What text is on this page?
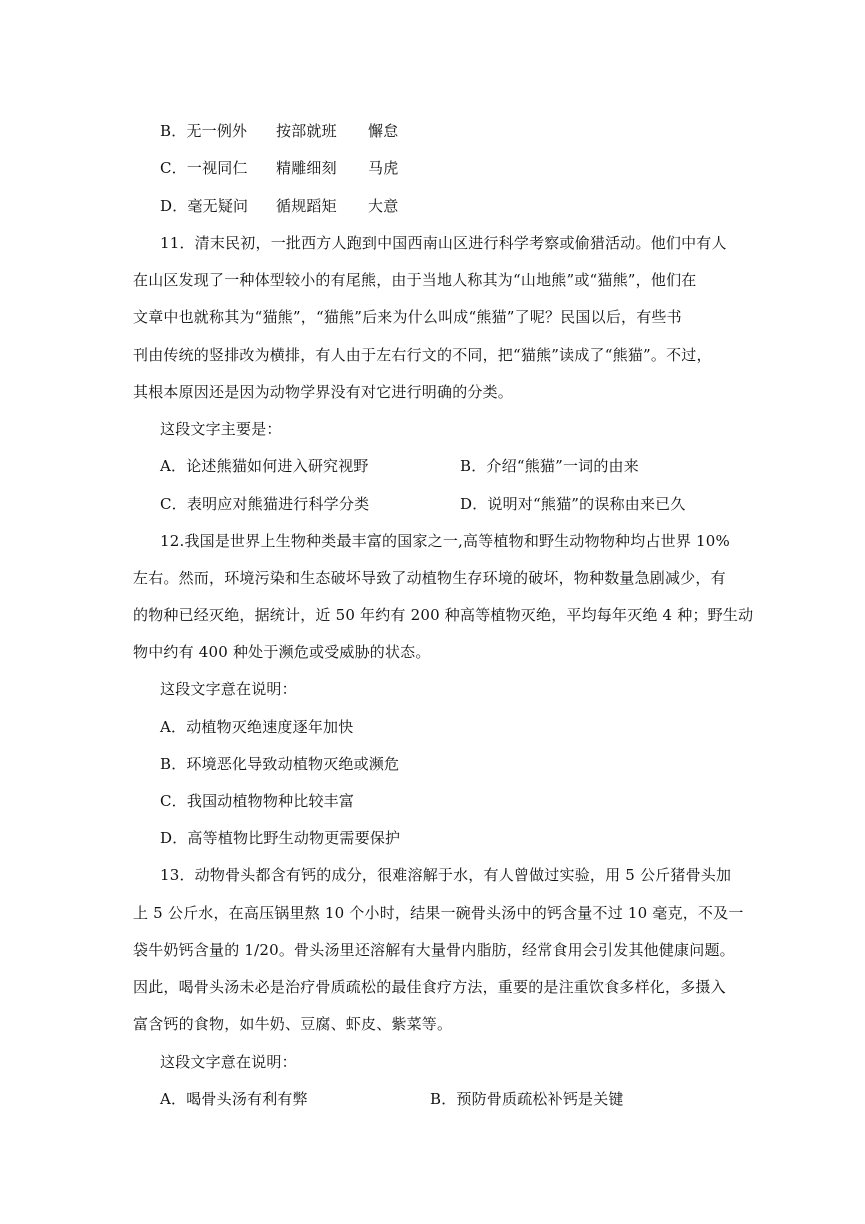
B．无一例外 按部就班 懈怠
C．一视同仁 精雕细刻 马虎
D．毫无疑问 循规蹈矩 大意
11．清末民初，一批西方人跑到中国西南山区进行科学考察或偷猎活动。他们中有人
在山区发现了一种体型较小的有尾熊，由于当地人称其为“山地熊”或“猫熊”，他们在
文章中也就称其为“猫熊”，“猫熊”后来为什么叫成“熊猫”了呢？民国以后，有些书
刊由传统的竖排改为横排，有人由于左右行文的不同，把“猫熊”读成了“熊猫”。不过，
其根本原因还是因为动物学界没有对它进行明确的分类。
这段文字主要是：
A．论述熊猫如何进入研究视野	B．介绍“熊猫”一词的由来
C．表明应对熊猫进行科学分类	D．说明对“熊猫”的误称由来已久
12.我国是世界上生物种类最丰富的国家之一,高等植物和野生动物物种均占世界 10%
左右。然而，环境污染和生态破坏导致了动植物生存环境的破坏，物种数量急剧减少，有
的物种已经灭绝，据统计，近 50 年约有 200 种高等植物灭绝，平均每年灭绝 4 种；野生动
物中约有 400 种处于濒危或受威胁的状态。
这段文字意在说明：
A．动植物灭绝速度逐年加快
B．环境恶化导致动植物灭绝或濒危
C．我国动植物物种比较丰富
D．高等植物比野生动物更需要保护
13．动物骨头都含有钙的成分，很难溶解于水，有人曾做过实验，用 5 公斤猪骨头加
上 5 公斤水，在高压锅里熬 10 个小时，结果一碗骨头汤中的钙含量不过 10 毫克，不及一
袋牛奶钙含量的 1/20。骨头汤里还溶解有大量骨内脂肪，经常食用会引发其他健康问题。
因此，喝骨头汤未必是治疗骨质疏松的最佳食疗方法，重要的是注重饮食多样化，多摄入
富含钙的食物，如牛奶、豆腐、虾皮、紫菜等。
这段文字意在说明：
A．喝骨头汤有利有弊	B．预防骨质疏松补钙是关键
